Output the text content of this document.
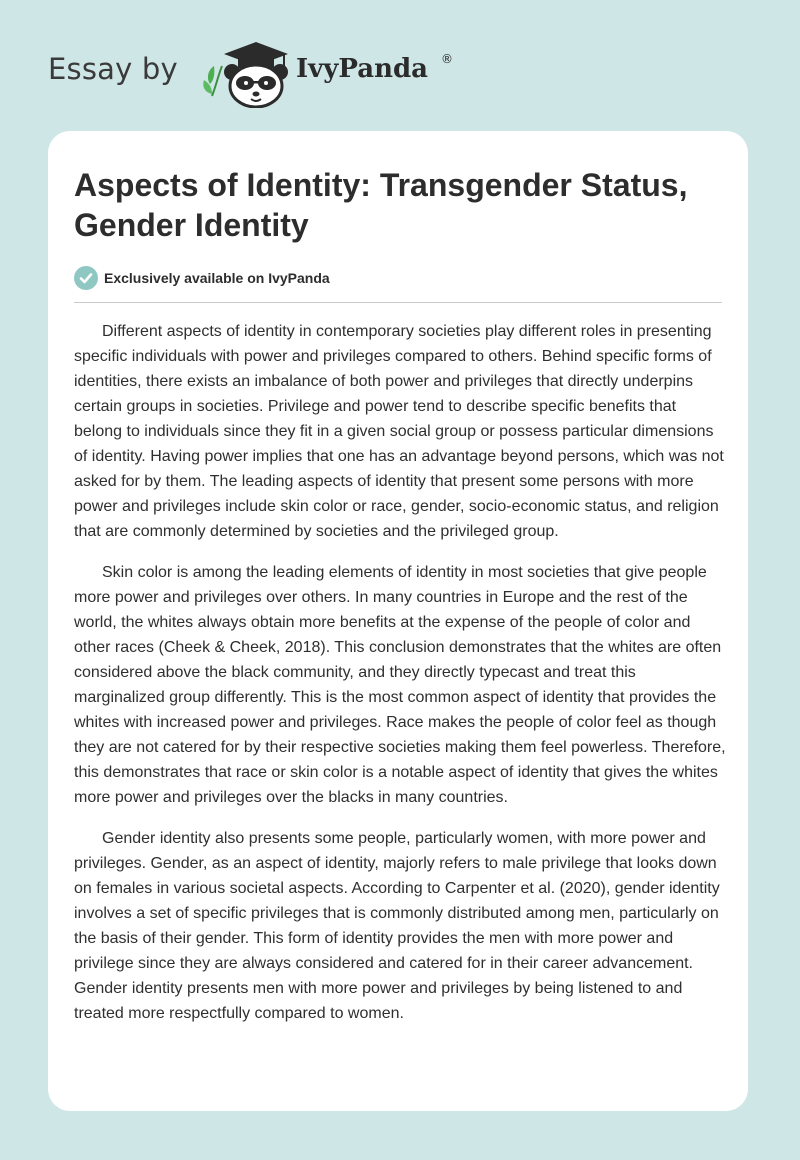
Essay by	IvyPanda ®
Aspects of Identity: Transgender Status, Gender Identity
Exclusively available on IvyPanda

Different aspects of identity in contemporary societies play different roles in presenting specific individuals with power and privileges compared to others. Behind specific forms of identities, there exists an imbalance of both power and privileges that directly underpins certain groups in societies. Privilege and power tend to describe specific benefits that belong to individuals since they fit in a given social group or possess particular dimensions of identity. Having power implies that one has an advantage beyond persons, which was not asked for by them. The leading aspects of identity that present some persons with more power and privileges include skin color or race, gender, socio-economic status, and religion that are commonly determined by societies and the privileged group.

Skin color is among the leading elements of identity in most societies that give people more power and privileges over others. In many countries in Europe and the rest of the world, the whites always obtain more benefits at the expense of the people of color and other races (Cheek & Cheek, 2018). This conclusion demonstrates that the whites are often considered above the black community, and they directly typecast and treat this marginalized group differently. This is the most common aspect of identity that provides the whites with increased power and privileges. Race makes the people of color feel as though they are not catered for by their respective societies making them feel powerless. Therefore, this demonstrates that race or skin color is a notable aspect of identity that gives the whites more power and privileges over the blacks in many countries.

Gender identity also presents some people, particularly women, with more power and privileges. Gender, as an aspect of identity, majorly refers to male privilege that looks down on females in various societal aspects. According to Carpenter et al. (2020), gender identity involves a set of specific privileges that is commonly distributed among men, particularly on the basis of their gender. This form of identity provides the men with more power and privilege since they are always considered and catered for in their career advancement. Gender identity presents men with more power and privileges by being listened to and treated more respectfully compared to women.
